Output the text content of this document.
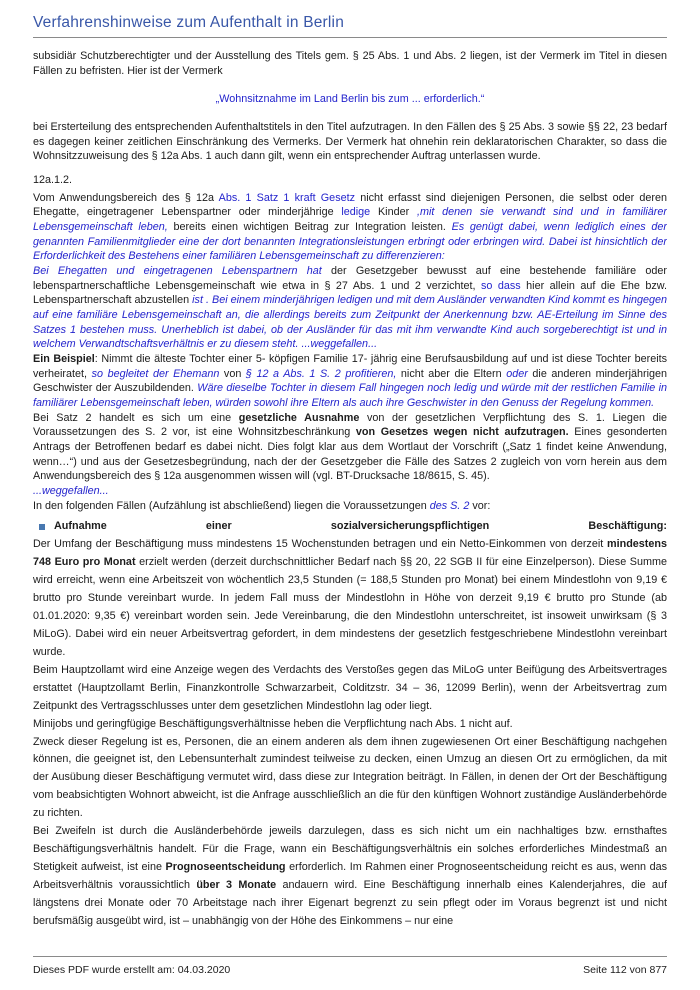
Verfahrenshinweise zum Aufenthalt in Berlin

subsidiär Schutzberechtigter und der Ausstellung des Titels gem. § 25 Abs. 1 und Abs. 2 liegen, ist der Vermerk im Titel in diesen Fällen zu befristen. Hier ist der Vermerk

„Wohnsitznahme im Land Berlin bis zum ... erforderlich.“

bei Ersterteilung des entsprechenden Aufenthaltstitels in den Titel aufzutragen. In den Fällen des § 25 Abs. 3 sowie §§ 22, 23 bedarf es dagegen keiner zeitlichen Einschränkung des Vermerks. Der Vermerk hat ohnehin rein deklaratorischen Charakter, so dass die Wohnsitzzuweisung des § 12a Abs. 1 auch dann gilt, wenn ein entsprechender Auftrag unterlassen wurde.

12a.1.2.

Vom Anwendungsbereich des § 12a Abs. 1 Satz 1 kraft Gesetz nicht erfasst sind diejenigen Personen, die selbst oder deren Ehegatte, eingetragener Lebenspartner oder minderjährige ledige Kinder ,mit denen sie verwandt sind und in familiärer Lebensgemeinschaft leben, bereits einen wichtigen Beitrag zur Integration leisten. Es genügt dabei, wenn lediglich eines der genannten Familienmitglieder eine der dort benannten Integrationsleistungen erbringt oder erbringen wird. Dabei ist hinsichtlich der Erforderlichkeit des Bestehens einer familiären Lebensgemeinschaft zu differenzieren:

Bei Ehegatten und eingetragenen Lebenspartnern hat der Gesetzgeber bewusst auf eine bestehende familiäre oder lebenspartnerschaftliche Lebensgemeinschaft wie etwa in § 27 Abs. 1 und 2 verzichtet, so dass hier allein auf die Ehe bzw. Lebenspartnerschaft abzustellen ist . Bei einem minderjährigen ledigen und mit dem Ausländer verwandten Kind kommt es hingegen auf eine familiäre Lebensgemeinschaft an, die allerdings bereits zum Zeitpunkt der Anerkennung bzw. AE-Erteilung im Sinne des Satzes 1 bestehen muss. Unerheblich ist dabei, ob der Ausländer für das mit ihm verwandte Kind auch sorgeberechtigt ist und in welchem Verwandtschaftsverhältnis er zu diesem steht. ...weggefallen...

Ein Beispiel: Nimmt die älteste Tochter einer 5- köpfigen Familie 17- jährig eine Berufsausbildung auf und ist diese Tochter bereits verheiratet, so begleitet der Ehemann von § 12 a Abs. 1 S. 2 profitieren, nicht aber die Eltern oder die anderen minderjährigen Geschwister der Auszubildenden. Wäre dieselbe Tochter in diesem Fall hingegen noch ledig und würde mit der restlichen Familie in familiärer Lebensgemeinschaft leben, würden sowohl ihre Eltern als auch ihre Geschwister in den Genuss der Regelung kommen.

Bei Satz 2 handelt es sich um eine gesetzliche Ausnahme von der gesetzlichen Verpflichtung des S. 1. Liegen die Voraussetzungen des S. 2 vor, ist eine Wohnsitzbeschränkung von Gesetzes wegen nicht aufzutragen. Eines gesonderten Antrags der Betroffenen bedarf es dabei nicht. Dies folgt klar aus dem Wortlaut der Vorschrift („Satz 1 findet keine Anwendung, wenn…“) und aus der Gesetzesbegründung, nach der der Gesetzgeber die Fälle des Satzes 2 zugleich von vorn herein aus dem Anwendungsbereich des § 12a ausgenommen wissen will (vgl. BT-Drucksache 18/8615, S. 45).

...weggefallen...

In den folgenden Fällen (Aufzählung ist abschließend) liegen die Voraussetzungen des S. 2 vor:

Aufnahme einer sozialversicherungspflichtigen Beschäftigung:

Der Umfang der Beschäftigung muss mindestens 15 Wochenstunden betragen und ein Netto-Einkommen von derzeit mindestens 748 Euro pro Monat erzielt werden (derzeit durchschnittlicher Bedarf nach §§ 20, 22 SGB II für eine Einzelperson). Diese Summe wird erreicht, wenn eine Arbeitszeit von wöchentlich 23,5 Stunden (= 188,5 Stunden pro Monat) bei einem Mindestlohn von 9,19 € brutto pro Stunde vereinbart wurde. In jedem Fall muss der Mindestlohn in Höhe von derzeit 9,19 € brutto pro Stunde (ab 01.01.2020: 9,35 €) vereinbart worden sein. Jede Vereinbarung, die den Mindestlohn unterschreitet, ist insoweit unwirksam (§ 3 MiLoG). Dabei wird ein neuer Arbeitsvertrag gefordert, in dem mindestens der gesetzlich festgeschriebene Mindestlohn vereinbart wurde.

Beim Hauptzollamt wird eine Anzeige wegen des Verdachts des Verstoßes gegen das MiLoG unter Beifügung des Arbeitsvertrages erstattet (Hauptzollamt Berlin, Finanzkontrolle Schwarzarbeit, Colditzstr. 34 – 36, 12099 Berlin), wenn der Arbeitsvertrag zum Zeitpunkt des Vertragsschlusses unter dem gesetzlichen Mindestlohn lag oder liegt.

Minijobs und geringfügige Beschäftigungsverhältnisse heben die Verpflichtung nach Abs. 1 nicht auf.

Zweck dieser Regelung ist es, Personen, die an einem anderen als dem ihnen zugewiesenen Ort einer Beschäftigung nachgehen können, die geeignet ist, den Lebensunterhalt zumindest teilweise zu decken, einen Umzug an diesen Ort zu ermöglichen, da mit der Ausübung dieser Beschäftigung vermutet wird, dass diese zur Integration beiträgt. In Fällen, in denen der Ort der Beschäftigung vom beabsichtigten Wohnort abweicht, ist die Anfrage ausschließlich an die für den künftigen Wohnort zuständige Ausländerbehörde zu richten.

Bei Zweifeln ist durch die Ausländerbehörde jeweils darzulegen, dass es sich nicht um ein nachhaltiges bzw. ernsthaftes Beschäftigungsverhältnis handelt. Für die Frage, wann ein Beschäftigungsverhältnis ein solches erforderliches Mindestmaß an Stetigkeit aufweist, ist eine Prognoseentscheidung erforderlich. Im Rahmen einer Prognoseentscheidung reicht es aus, wenn das Arbeitsverhältnis voraussichtlich über 3 Monate andauern wird. Eine Beschäftigung innerhalb eines Kalenderjahres, die auf längstens drei Monate oder 70 Arbeitstage nach ihrer Eigenart begrenzt zu sein pflegt oder im Voraus begrenzt ist und nicht berufsmäßig ausgeübt wird, ist – unabhängig von der Höhe des Einkommens – nur eine

Dieses PDF wurde erstellt am: 04.03.2020	Seite 112 von 877
